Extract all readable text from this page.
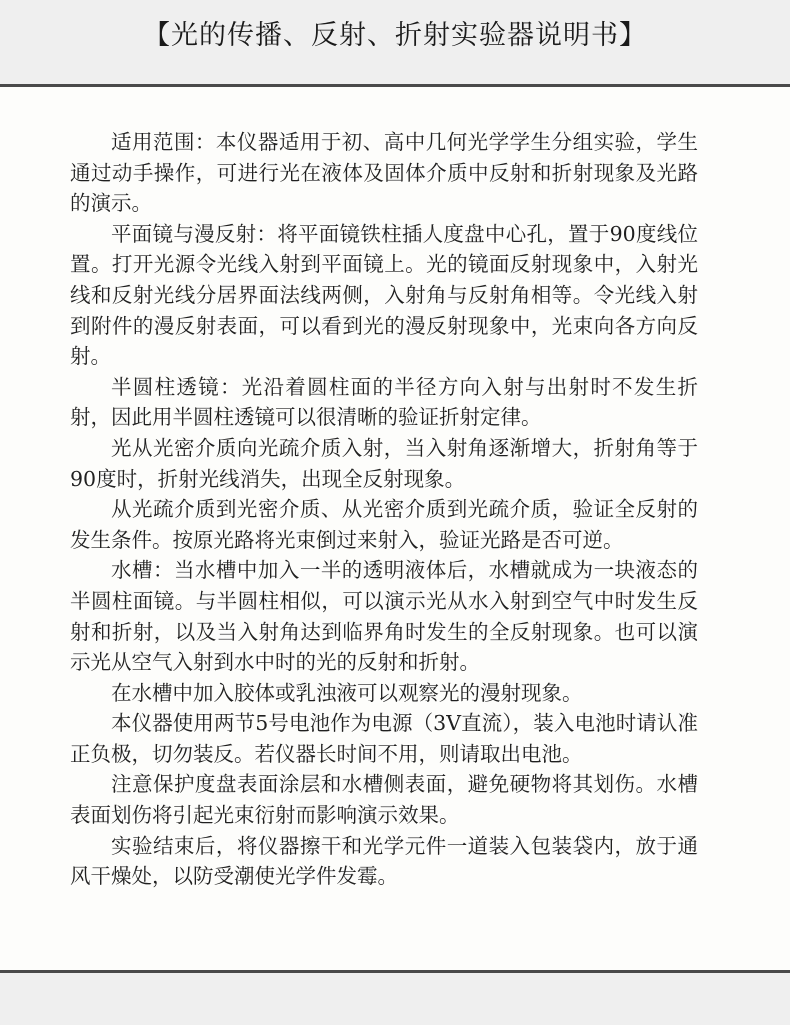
【光的传播、反射、折射实验器说明书】

适用范围：本仪器适用于初、高中几何光学学生分组实验，学生通过动手操作，可进行光在液体及固体介质中反射和折射现象及光路的演示。

平面镜与漫反射：将平面镜铁柱插人度盘中心孔，置于90度线位置。打开光源令光线入射到平面镜上。光的镜面反射现象中，入射光线和反射光线分居界面法线两侧，入射角与反射角相等。令光线入射到附件的漫反射表面，可以看到光的漫反射现象中，光束向各方向反射。

半圆柱透镜：光沿着圆柱面的半径方向入射与出射时不发生折射，因此用半圆柱透镜可以很清晰的验证折射定律。

光从光密介质向光疏介质入射，当入射角逐渐增大，折射角等于90度时，折射光线消失，出现全反射现象。

从光疏介质到光密介质、从光密介质到光疏介质，验证全反射的发生条件。按原光路将光束倒过来射入，验证光路是否可逆。

水槽：当水槽中加入一半的透明液体后，水槽就成为一块液态的半圆柱面镜。与半圆柱相似，可以演示光从水入射到空气中时发生反射和折射，以及当入射角达到临界角时发生的全反射现象。也可以演示光从空气入射到水中时的光的反射和折射。

在水槽中加入胶体或乳浊液可以观察光的漫射现象。

本仪器使用两节5号电池作为电源（3V直流），装入电池时请认准正负极，切勿装反。若仪器长时间不用，则请取出电池。

注意保护度盘表面涂层和水槽侧表面，避免硬物将其划伤。水槽表面划伤将引起光束衍射而影响演示效果。

实验结束后，将仪器擦干和光学元件一道装入包装袋内，放于通风干燥处，以防受潮使光学件发霉。
